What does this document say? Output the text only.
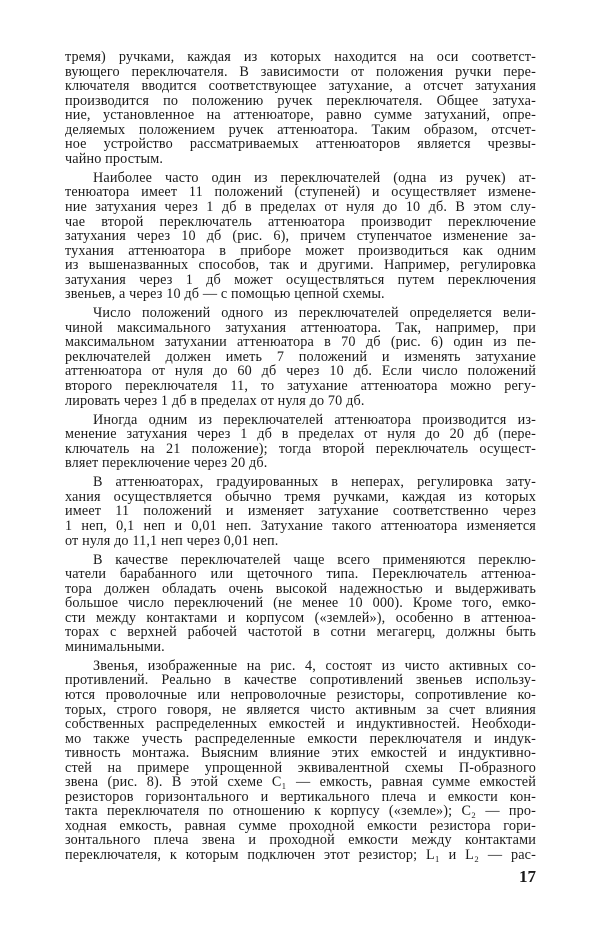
тремя) ручками, каждая из которых находится на оси соответст-
вующего переключателя. В зависимости от положения ручки пере-
ключателя вводится соответствующее затухание, а отсчет затухания
производится по положению ручек переключателя. Общее затуха-
ние, установленное на аттенюаторе, равно сумме затуханий, опре-
деляемых положением ручек аттенюатора. Таким образом, отсчет-
ное устройство рассматриваемых аттенюаторов является чрезвы-
чайно простым.
Наиболее часто один из переключателей (одна из ручек) ат-
тенюатора имеет 11 положений (ступеней) и осуществляет измене-
ние затухания через 1 дб в пределах от нуля до 10 дб. В этом слу-
чае второй переключатель аттенюатора производит переключение
затухания через 10 дб (рис. 6), причем ступенчатое изменение за-
тухания аттенюатора в приборе может производиться как одним
из вышеназванных способов, так и другими. Например, регулировка
затухания через 1 дб может осуществляться путем переключения
звеньев, а через 10 дб — с помощью цепной схемы.
Число положений одного из переключателей определяется вели-
чиной максимального затухания аттенюатора. Так, например, при
максимальном затухании аттенюатора в 70 дб (рис. 6) один из пе-
реключателей должен иметь 7 положений и изменять затухание
аттенюатора от нуля до 60 дб через 10 дб. Если число положений
второго переключателя 11, то затухание аттенюатора можно регу-
лировать через 1 дб в пределах от нуля до 70 дб.
Иногда одним из переключателей аттенюатора производится из-
менение затухания через 1 дб в пределах от нуля до 20 дб (пере-
ключатель на 21 положение); тогда второй переключатель осущест-
вляет переключение через 20 дб.
В аттенюаторах, градуированных в неперах, регулировка зату-
хания осуществляется обычно тремя ручками, каждая из которых
имеет 11 положений и изменяет затухание соответственно через
1 неп, 0,1 неп и 0,01 неп. Затухание такого аттенюатора изменяется
от нуля до 11,1 неп через 0,01 неп.
В качестве переключателей чаще всего применяются переклю-
чатели барабанного или щеточного типа. Переключатель аттенюа-
тора должен обладать очень высокой надежностью и выдерживать
большое число переключений (не менее 10 000). Кроме того, емко-
сти между контактами и корпусом («землей»), особенно в аттенюа-
торах с верхней рабочей частотой в сотни мегагерц, должны быть
минимальными.
Звенья, изображенные на рис. 4, состоят из чисто активных со-
противлений. Реально в качестве сопротивлений звеньев использу-
ются проволочные или непроволочные резисторы, сопротивление ко-
торых, строго говоря, не является чисто активным за счет влияния
собственных распределенных емкостей и индуктивностей. Необходи-
мо также учесть распределенные емкости переключателя и индук-
тивность монтажа. Выясним влияние этих емкостей и индуктивно-
стей на примере упрощенной эквивалентной схемы П-образного
звена (рис. 8). В этой схеме C₁ — емкость, равная сумме емкостей
резисторов горизонтального и вертикального плеча и емкости кон-
такта переключателя по отношению к корпусу («земле»); C₂ — про-
ходная емкость, равная сумме проходной емкости резистора гори-
зонтального плеча звена и проходной емкости между контактами
переключателя, к которым подключен этот резистор; L₁ и L₂ — рас-
17
